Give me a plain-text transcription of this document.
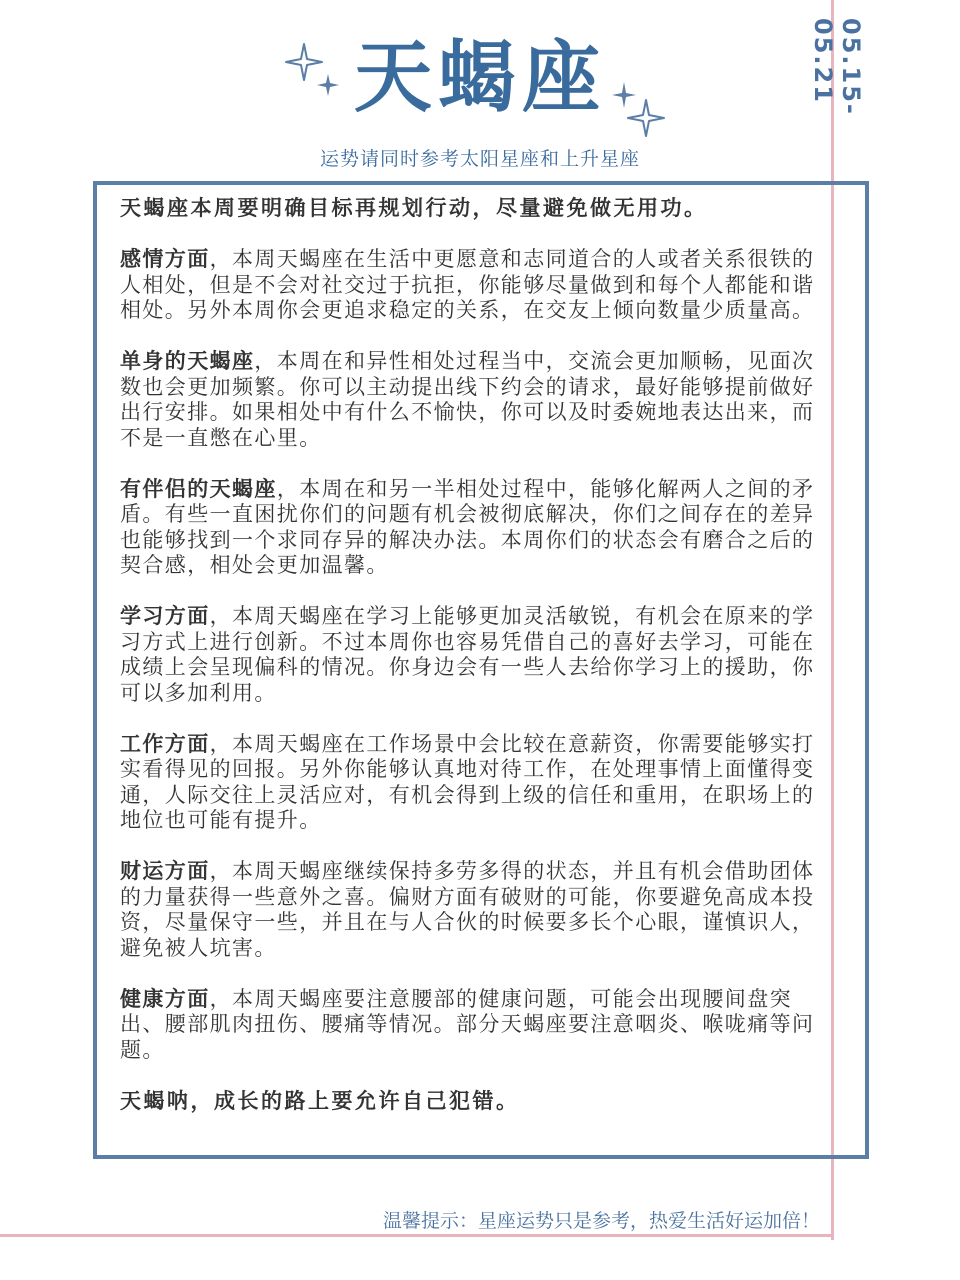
05.15-05.21
天蝎座
运势请同时参考太阳星座和上升星座

天蝎座本周要明确目标再规划行动，尽量避免做无用功。

感情方面，本周天蝎座在生活中更愿意和志同道合的人或者关系很铁的人相处，但是不会对社交过于抗拒，你能够尽量做到和每个人都能和谐相处。另外本周你会更追求稳定的关系，在交友上倾向数量少质量高。

单身的天蝎座，本周在和异性相处过程当中，交流会更加顺畅，见面次数也会更加频繁。你可以主动提出线下约会的请求，最好能够提前做好出行安排。如果相处中有什么不愉快，你可以及时委婉地表达出来，而不是一直憋在心里。

有伴侣的天蝎座，本周在和另一半相处过程中，能够化解两人之间的矛盾。有些一直困扰你们的问题有机会被彻底解决，你们之间存在的差异也能够找到一个求同存异的解决办法。本周你们的状态会有磨合之后的契合感，相处会更加温馨。

学习方面，本周天蝎座在学习上能够更加灵活敏锐，有机会在原来的学习方式上进行创新。不过本周你也容易凭借自己的喜好去学习，可能在成绩上会呈现偏科的情况。你身边会有一些人去给你学习上的援助，你可以多加利用。

工作方面，本周天蝎座在工作场景中会比较在意薪资，你需要能够实打实看得见的回报。另外你能够认真地对待工作，在处理事情上面懂得变通，人际交往上灵活应对，有机会得到上级的信任和重用，在职场上的地位也可能有提升。

财运方面，本周天蝎座继续保持多劳多得的状态，并且有机会借助团体的力量获得一些意外之喜。偏财方面有破财的可能，你要避免高成本投资，尽量保守一些，并且在与人合伙的时候要多长个心眼，谨慎识人，避免被人坑害。

健康方面，本周天蝎座要注意腰部的健康问题，可能会出现腰间盘突出、腰部肌肉扭伤、腰痛等情况。部分天蝎座要注意咽炎、喉咙痛等问题。

天蝎呐，成长的路上要允许自己犯错。

温馨提示：星座运势只是参考，热爱生活好运加倍！
